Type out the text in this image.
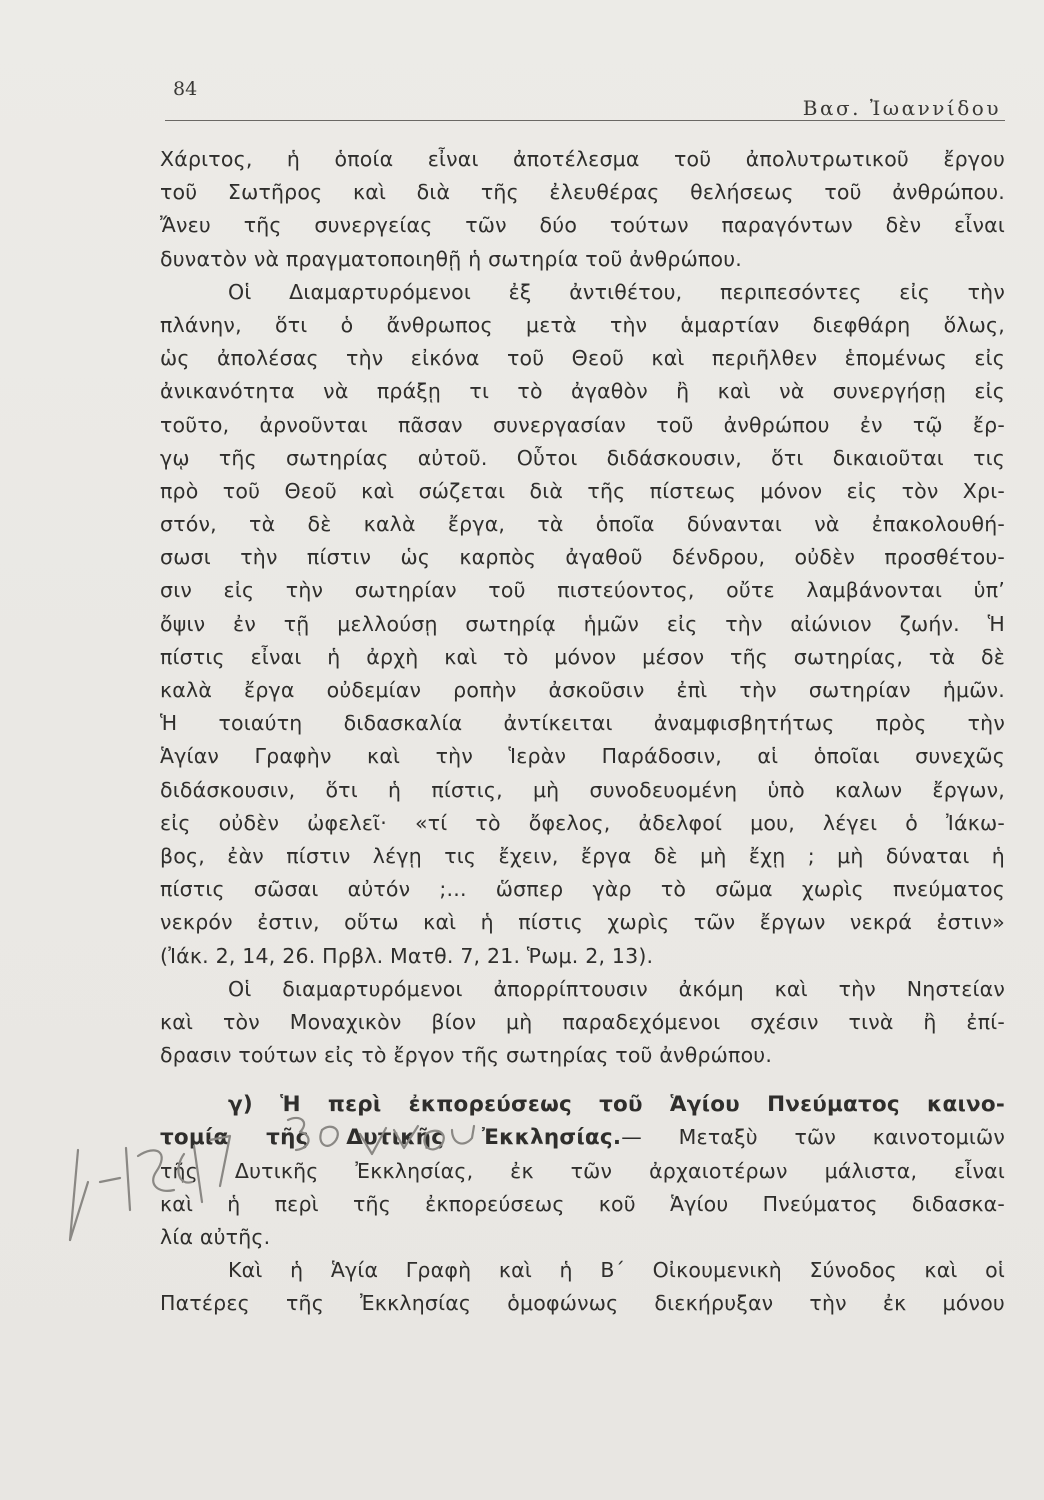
84
Βασ. Ἰωαννίδου
Χάριτος, ἡ ὁποία εἶναι ἀποτέλεσμα τοῦ ἀπολυτρωτικοῦ ἔργου
τοῦ Σωτῆρος καὶ διὰ τῆς ἐλευθέρας θελήσεως τοῦ ἀνθρώπου.
Ἄνευ τῆς συνεργείας τῶν δύο τούτων παραγόντων δὲν εἶναι
δυνατὸν νὰ πραγματοποιηθῇ ἡ σωτηρία τοῦ ἀνθρώπου.
Οἱ Διαμαρτυρόμενοι ἐξ ἀντιθέτου, περιπεσόντες εἰς τὴν
πλάνην, ὅτι ὁ ἄνθρωπος μετὰ τὴν ἁμαρτίαν διεφθάρη ὅλως,
ὡς ἀπολέσας τὴν εἰκόνα τοῦ Θεοῦ καὶ περιῆλθεν ἑπομένως εἰς
ἀνικανότητα νὰ πράξῃ τι τὸ ἀγαθὸν ἢ καὶ νὰ συνεργήσῃ εἰς
τοῦτο, ἀρνοῦνται πᾶσαν συνεργασίαν τοῦ ἀνθρώπου ἐν τῷ ἔρ-
γῳ τῆς σωτηρίας αὐτοῦ. Οὗτοι διδάσκουσιν, ὅτι δικαιοῦται τις
πρὸ τοῦ Θεοῦ καὶ σώζεται διὰ τῆς πίστεως μόνον εἰς τὸν Χρι-
στόν, τὰ δὲ καλὰ ἔργα, τὰ ὁποῖα δύνανται νὰ ἐπακολουθή-
σωσι τὴν πίστιν ὡς καρπὸς ἀγαθοῦ δένδρου, οὐδὲν προσθέτου-
σιν εἰς τὴν σωτηρίαν τοῦ πιστεύοντος, οὔτε λαμβάνονται ὑπ’
ὄψιν ἐν τῇ μελλούσῃ σωτηρίᾳ ἡμῶν εἰς τὴν αἰώνιον ζωήν. Ἡ
πίστις εἶναι ἡ ἀρχὴ καὶ τὸ μόνον μέσον τῆς σωτηρίας, τὰ δὲ
καλὰ ἔργα οὐδεμίαν ροπὴν ἀσκοῦσιν ἐπὶ τὴν σωτηρίαν ἡμῶν.
Ἡ τοιαύτη διδασκαλία ἀντίκειται ἀναμφισβητήτως πρὸς τὴν
Ἁγίαν Γραφὴν καὶ τὴν Ἱερὰν Παράδοσιν, αἱ ὁποῖαι συνεχῶς
διδάσκουσιν, ὅτι ἡ πίστις, μὴ συνοδευομένη ὑπὸ καλων ἔργων,
εἰς οὐδὲν ὠφελεῖ· «τί τὸ ὄφελος, ἀδελφοί μου, λέγει ὁ Ἰάκω-
βος, ἐὰν πίστιν λέγῃ τις ἔχειν, ἔργα δὲ μὴ ἔχῃ ; μὴ δύναται ἡ
πίστις σῶσαι αὐτόν ;... ὥσπερ γὰρ τὸ σῶμα χωρὶς πνεύματος
νεκρόν ἐστιν, οὕτω καὶ ἡ πίστις χωρὶς τῶν ἔργων νεκρά ἐστιν»
(Ἰάκ. 2, 14, 26. Πρβλ. Ματθ. 7, 21. Ῥωμ. 2, 13).
Οἱ διαμαρτυρόμενοι ἀπορρίπτουσιν ἀκόμη καὶ τὴν Νηστείαν
καὶ τὸν Μοναχικὸν βίον μὴ παραδεχόμενοι σχέσιν τινὰ ἢ ἐπί-
δρασιν τούτων εἰς τὸ ἔργον τῆς σωτηρίας τοῦ ἀνθρώπου.
γ) Ἡ περὶ ἐκπορεύσεως τοῦ Ἁγίου Πνεύματος καινο-
τομία τῆς Δυτικῆς Ἐκκλησίας.— Μεταξὺ τῶν καινοτομιῶν
τῆς Δυτικῆς Ἐκκλησίας, ἐκ τῶν ἀρχαιοτέρων μάλιστα, εἶναι
καὶ ἡ περὶ τῆς ἐκπορεύσεως κοῦ Ἁγίου Πνεύματος διδασκα-
λία αὐτῆς.
Καὶ ἡ Ἁγία Γραφὴ καὶ ἡ Β΄ Οἰκουμενικὴ Σύνοδος καὶ οἱ
Πατέρες τῆς Ἐκκλησίας ὁμοφώνως διεκήρυξαν τὴν ἐκ μόνου
